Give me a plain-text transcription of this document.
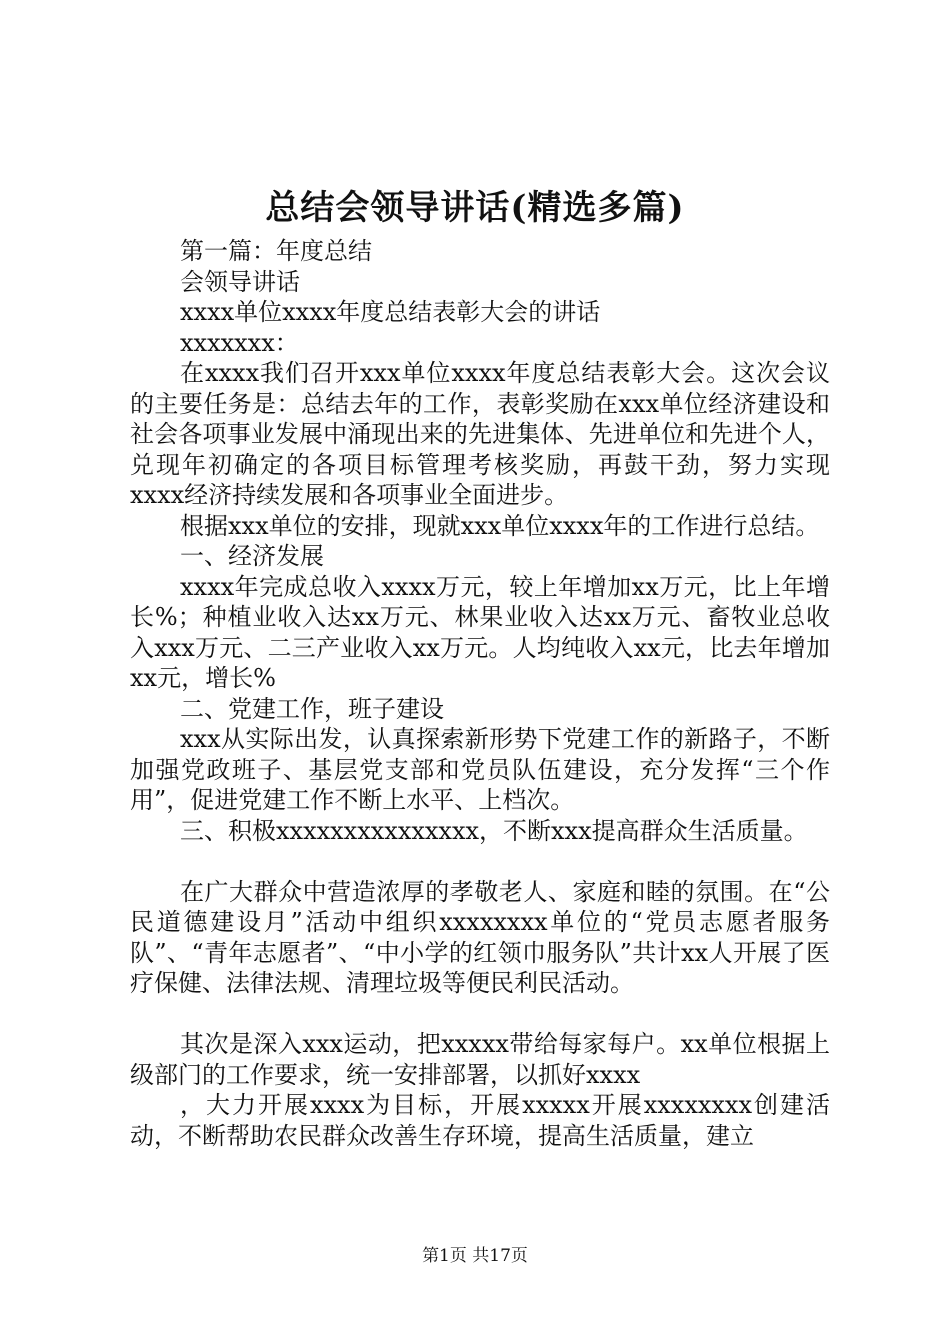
总结会领导讲话(精选多篇)

第一篇：年度总结

会领导讲话

xxxx单位xxxx年度总结表彰大会的讲话

xxxxxxx：

在xxxx我们召开xxx单位xxxx年度总结表彰大会。这次会议的主要任务是：总结去年的工作，表彰奖励在xxx单位经济建设和社会各项事业发展中涌现出来的先进集体、先进单位和先进个人，兑现年初确定的各项目标管理考核奖励，再鼓干劲，努力实现xxxx经济持续发展和各项事业全面进步。

根据xxx单位的安排，现就xxx单位xxxx年的工作进行总结。

一、经济发展

xxxx年完成总收入xxxx万元，较上年增加xx万元，比上年增长%；种植业收入达xx万元、林果业收入达xx万元、畜牧业总收入xxx万元、二三产业收入xx万元。人均纯收入xx元，比去年增加xx元，增长%

二、党建工作，班子建设

xxx从实际出发，认真探索新形势下党建工作的新路子，不断加强党政班子、基层党支部和党员队伍建设，充分发挥“三个作用”，促进党建工作不断上水平、上档次。

三、积极xxxxxxxxxxxxxxx，不断xxx提高群众生活质量。

在广大群众中营造浓厚的孝敬老人、家庭和睦的氛围。在“公民道德建设月”活动中组织xxxxxxxx单位的“党员志愿者服务队”、“青年志愿者”、“中小学的红领巾服务队”共计xx人开展了医疗保健、法律法规、清理垃圾等便民利民活动。

其次是深入xxx运动，把xxxxx带给每家每户。xx单位根据上级部门的工作要求，统一安排部署，以抓好xxxx

，大力开展xxxx为目标，开展xxxxx开展xxxxxxxx创建活动，不断帮助农民群众改善生存环境，提高生活质量，建立

第1页 共17页
